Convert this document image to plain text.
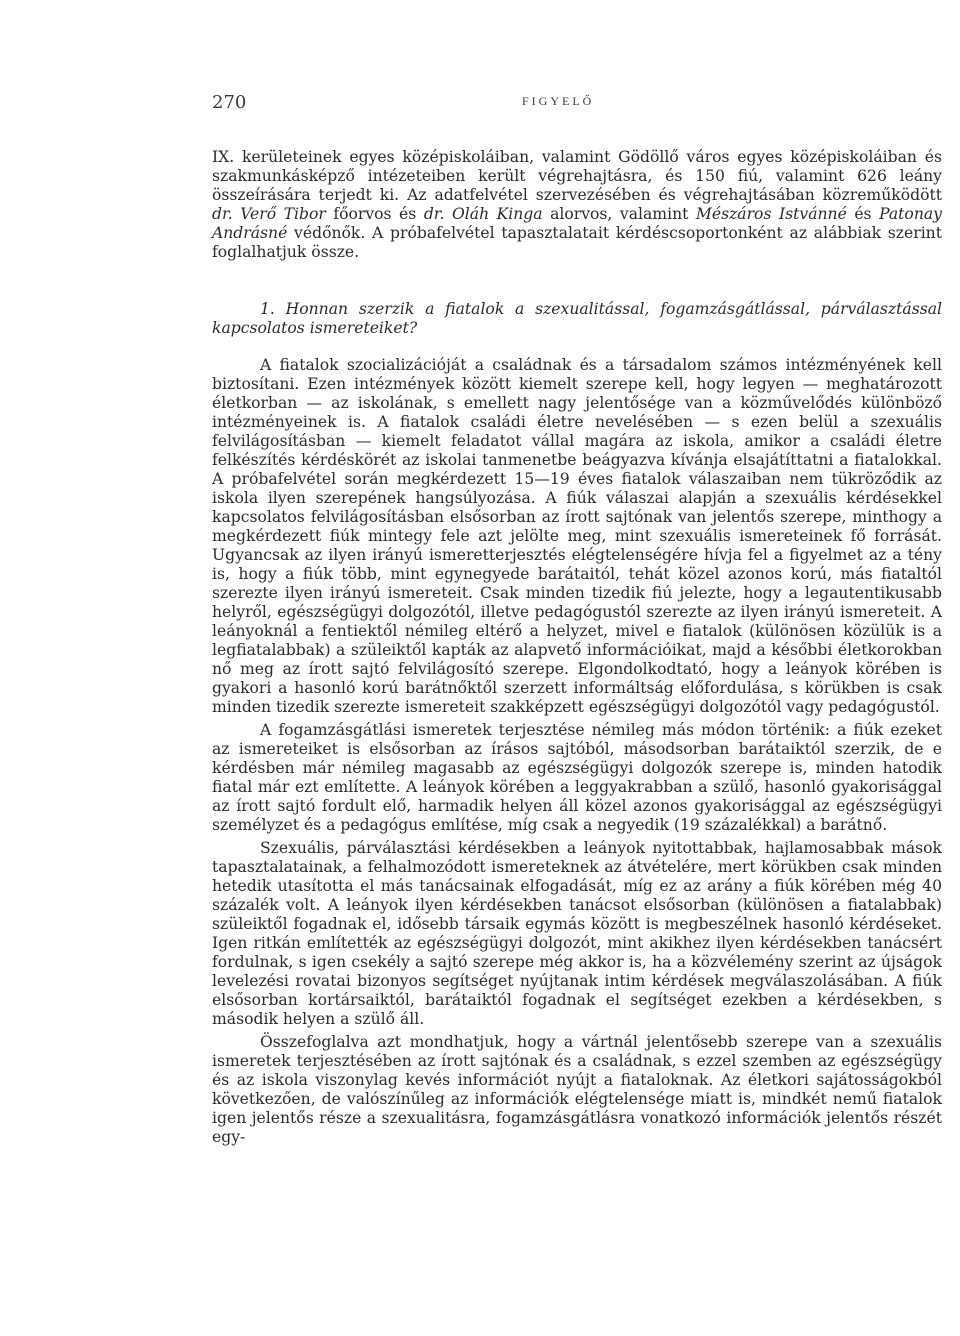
270	FIGYELŐ

IX. kerületeinek egyes középiskoláiban, valamint Gödöllő város egyes középiskoláiban és szakmunkásképző intézeteiben került végrehajtásra, és 150 fiú, valamint 626 leány összeírására terjedt ki. Az adatfelvétel szervezésében és végrehajtásában közreműködött dr. Verő Tibor főorvos és dr. Oláh Kinga alorvos, valamint Mészáros Istvánné és Patonay Andrásné védőnők. A próbafelvétel tapasztalatait kérdéscsoportonként az alábbiak szerint foglalhatjuk össze.

1. Honnan szerzik a fiatalok a szexualitással, fogamzásgátlással, párválasztással kapcsolatos ismereteiket?

A fiatalok szocializációját a családnak és a társadalom számos intézményének kell biztosítani. Ezen intézmények között kiemelt szerepe kell, hogy legyen — meghatározott életkorban — az iskolának, s emellett nagy jelentősége van a közművelődés különböző intézményeinek is. A fiatalok családi életre nevelésében — s ezen belül a szexuális felvilágosításban — kiemelt feladatot vállal magára az iskola, amikor a családi életre felkészítés kérdéskörét az iskolai tanmenetbe beágyazva kívánja elsajátíttatni a fiatalokkal. A próbafelvétel során megkérdezett 15—19 éves fiatalok válaszaiban nem tükröződik az iskola ilyen szerepének hangsúlyozása. A fiúk válaszai alapján a szexuális kérdésekkel kapcsolatos felvilágosításban elsősorban az írott sajtónak van jelentős szerepe, minthogy a megkérdezett fiúk mintegy fele azt jelölte meg, mint szexuális ismereteinek fő forrását. Ugyancsak az ilyen irányú ismeretterjesztés elégtelenségére hívja fel a figyelmet az a tény is, hogy a fiúk több, mint egynegyede barátaitól, tehát közel azonos korú, más fiataltól szerezte ilyen irányú ismereteit. Csak minden tizedik fiú jelezte, hogy a legautentikusabb helyről, egészségügyi dolgozótól, illetve pedagógustól szerezte az ilyen irányú ismereteit. A leányoknál a fentiektől némileg eltérő a helyzet, mivel e fiatalok (különösen közülük is a legfiatalabbak) a szüleiktől kapták az alapvető információikat, majd a későbbi életkorokban nő meg az írott sajtó felvilágosító szerepe. Elgondolkodtató, hogy a leányok körében is gyakori a hasonló korú barátnőktől szerzett informáltság előfordulása, s körükben is csak minden tizedik szerezte ismereteit szakképzett egészségügyi dolgozótól vagy pedagógustól.

A fogamzásgátlási ismeretek terjesztése némileg más módon történik: a fiúk ezeket az ismereteiket is elsősorban az írásos sajtóból, másodsorban barátaiktól szerzik, de e kérdésben már némileg magasabb az egészségügyi dolgozók szerepe is, minden hatodik fiatal már ezt említette. A leányok körében a leggyakrabban a szülő, hasonló gyakorisággal az írott sajtó fordult elő, harmadik helyen áll közel azonos gyakorisággal az egészségügyi személyzet és a pedagógus említése, míg csak a negyedik (19 százalékkal) a barátnő.

Szexuális, párválasztási kérdésekben a leányok nyitottabbak, hajlamosabbak mások tapasztalatainak, a felhalmozódott ismereteknek az átvételére, mert körükben csak minden hetedik utasította el más tanácsainak elfogadását, míg ez az arány a fiúk körében még 40 százalék volt. A leányok ilyen kérdésekben tanácsot elsősorban (különösen a fiatalabbak) szüleiktől fogadnak el, idősebb társaik egymás között is megbeszélnek hasonló kérdéseket. Igen ritkán említették az egészségügyi dolgozót, mint akikhez ilyen kérdésekben tanácsért fordulnak, s igen csekély a sajtó szerepe még akkor is, ha a közvélemény szerint az újságok levelezési rovatai bizonyos segítséget nyújtanak intim kérdések megválaszolásában. A fiúk elsősorban kortársaiktól, barátaiktól fogadnak el segítséget ezekben a kérdésekben, s második helyen a szülő áll.

Összefoglalva azt mondhatjuk, hogy a vártnál jelentősebb szerepe van a szexuális ismeretek terjesztésében az írott sajtónak és a családnak, s ezzel szemben az egészségügy és az iskola viszonylag kevés információt nyújt a fiataloknak. Az életkori sajátosságokból következően, de valószínűleg az információk elégtelensége miatt is, mindkét nemű fiatalok igen jelentős része a szexualitásra, fogamzásgátlásra vonatkozó információk jelentős részét egy-
